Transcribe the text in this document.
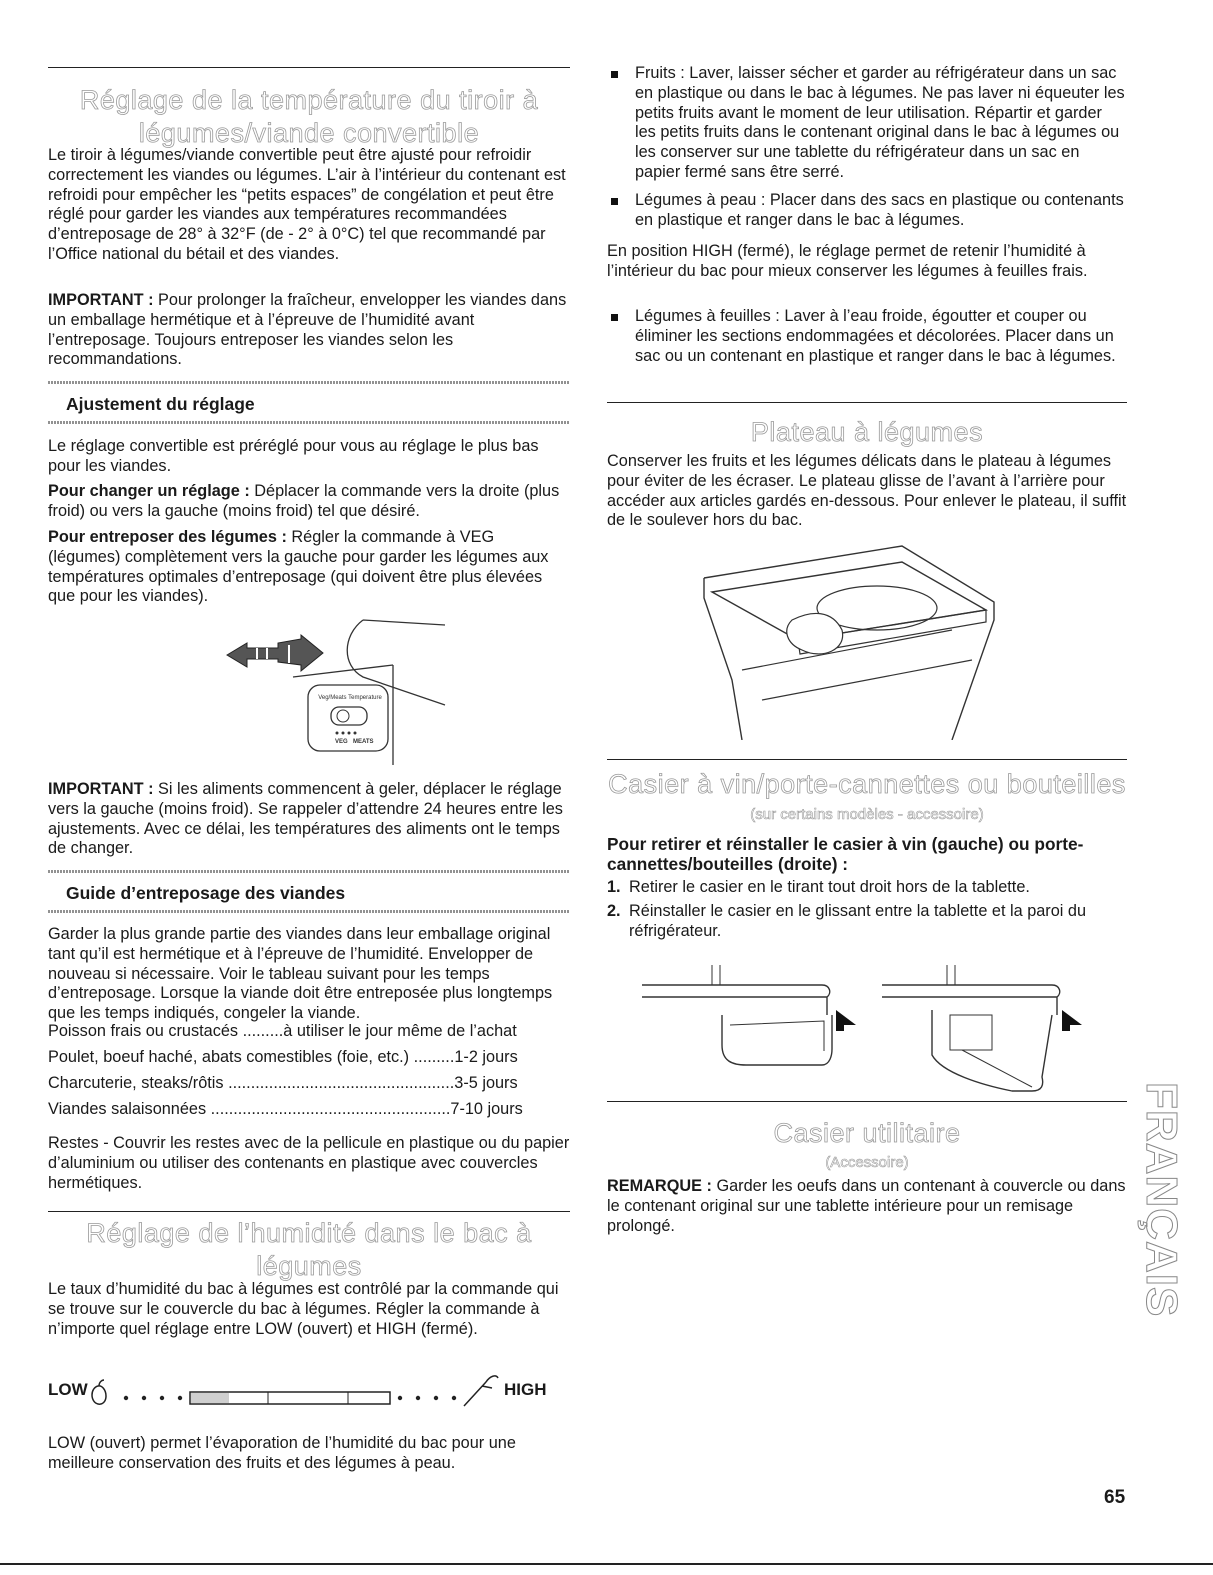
Réglage de la température du tiroir à
légumes/viande convertible

Le tiroir à légumes/viande convertible peut être ajusté pour refroidir correctement les viandes ou légumes. L’air à l’intérieur du contenant est refroidi pour empêcher les “petits espaces” de congélation et peut être réglé pour garder les viandes aux températures recommandées d’entreposage de 28° à 32°F (de - 2° à 0°C) tel que recommandé par l’Office national du bétail et des viandes.

IMPORTANT : Pour prolonger la fraîcheur, envelopper les viandes dans un emballage hermétique et à l’épreuve de l’humidité avant l’entreposage. Toujours entreposer les viandes selon les recommandations.

Ajustement du réglage

Le réglage convertible est préréglé pour vous au réglage le plus bas pour les viandes.

Pour changer un réglage : Déplacer la commande vers la droite (plus froid) ou vers la gauche (moins froid) tel que désiré.

Pour entreposer des légumes : Régler la commande à VEG (légumes) complètement vers la gauche pour garder les légumes aux températures optimales d’entreposage (qui doivent être plus élevées que pour les viandes).

Veg/Meats Temperature
VEG MEATS

IMPORTANT : Si les aliments commencent à geler, déplacer le réglage vers la gauche (moins froid). Se rappeler d’attendre 24 heures entre les ajustements. Avec ce délai, les températures des aliments ont le temps de changer.

Guide d’entreposage des viandes

Garder la plus grande partie des viandes dans leur emballage original tant qu’il est hermétique et à l’épreuve de l’humidité. Envelopper de nouveau si nécessaire. Voir le tableau suivant pour les temps d’entreposage. Lorsque la viande doit être entreposée plus longtemps que les temps indiqués, congeler la viande.

Poisson frais ou crustacés .........à utiliser le jour même de l’achat
Poulet, boeuf haché, abats comestibles (foie, etc.) .........1-2 jours
Charcuterie, steaks/rôtis ..................................................3-5 jours
Viandes salaisonnées .....................................................7-10 jours

Restes - Couvrir les restes avec de la pellicule en plastique ou du papier d’aluminium ou utiliser des contenants en plastique avec couvercles hermétiques.

Réglage de l’humidité dans le bac à
légumes

Le taux d’humidité du bac à légumes est contrôlé par la commande qui se trouve sur le couvercle du bac à légumes. Régler la commande à n’importe quel réglage entre LOW (ouvert) et HIGH (fermé).

LOW	HIGH

LOW (ouvert) permet l’évaporation de l’humidité du bac pour une meilleure conservation des fruits et des légumes à peau.

Fruits : Laver, laisser sécher et garder au réfrigérateur dans un sac en plastique ou dans le bac à légumes. Ne pas laver ni équeuter les petits fruits avant le moment de leur utilisation. Répartir et garder les petits fruits dans le contenant original dans le bac à légumes ou les conserver sur une tablette du réfrigérateur dans un sac en papier fermé sans être serré.
Légumes à peau : Placer dans des sacs en plastique ou contenants en plastique et ranger dans le bac à légumes.

En position HIGH (fermé), le réglage permet de retenir l’humidité à l’intérieur du bac pour mieux conserver les légumes à feuilles frais.

Légumes à feuilles : Laver à l’eau froide, égoutter et couper ou éliminer les sections endommagées et décolorées. Placer dans un sac ou un contenant en plastique et ranger dans le bac à légumes.
Plateau à légumes

Conserver les fruits et les légumes délicats dans le plateau à légumes pour éviter de les écraser. Le plateau glisse de l’avant à l’arrière pour accéder aux articles gardés en-dessous. Pour enlever le plateau, il suffit de le soulever hors du bac.

Casier à vin/porte-cannettes ou bouteilles
(sur certains modèles - accessoire)

Pour retirer et réinstaller le casier à vin (gauche) ou porte-cannettes/bouteilles (droite) :

1. Retirer le casier en le tirant tout droit hors de la tablette.
2. Réinstaller le casier en le glissant entre la tablette et la paroi du réfrigérateur.
Casier utilitaire
(Accessoire)

REMARQUE : Garder les oeufs dans un contenant à couvercle ou dans le contenant original sur une tablette intérieure pour un remisage prolongé.	FRANÇAIS
65
